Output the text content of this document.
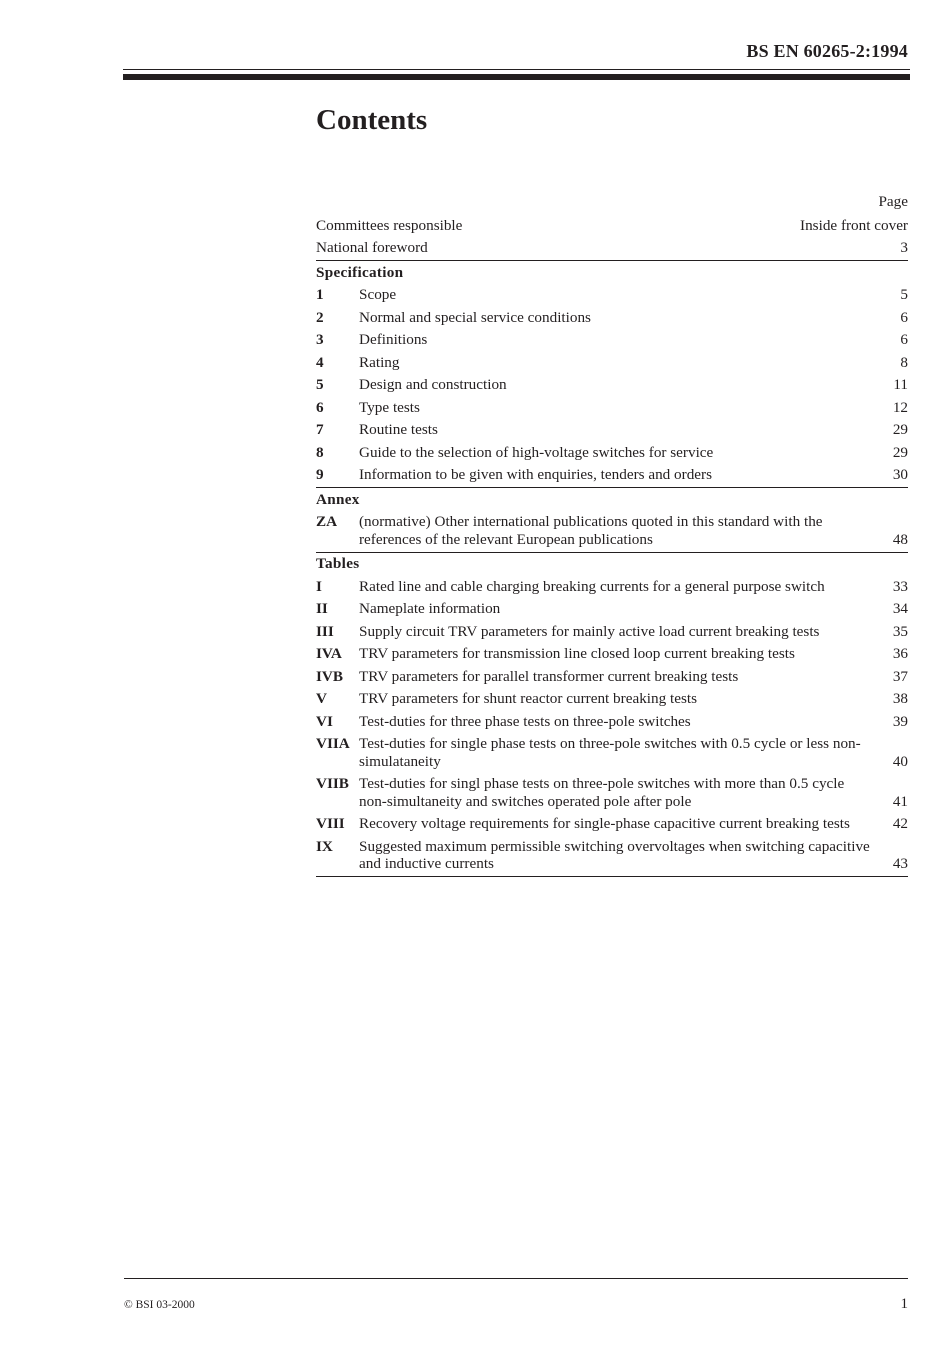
BS EN 60265-2:1994
Contents
Page
Committees responsible	Inside front cover
National foreword	3
Specification
1	Scope	5
2	Normal and special service conditions	6
3	Definitions	6
4	Rating	8
5	Design and construction	11
6	Type tests	12
7	Routine tests	29
8	Guide to the selection of high-voltage switches for service	29
9	Information to be given with enquiries, tenders and orders	30
Annex
ZA	(normative) Other international publications quoted in this standard with the references of the relevant European publications	48
Tables
I	Rated line and cable charging breaking currents for a general purpose switch	33
II	Nameplate information	34
III	Supply circuit TRV parameters for mainly active load current breaking tests	35
IVA	TRV parameters for transmission line closed loop current breaking tests	36
IVB	TRV parameters for parallel transformer current breaking tests	37
V	TRV parameters for shunt reactor current breaking tests	38
VI	Test-duties for three phase tests on three-pole switches	39
VIIA Test-duties for single phase tests on three-pole switches with 0.5 cycle or less non-simulataneity	40
VIIB Test-duties for singl phase tests on three-pole switches with more than 0.5 cycle non-simultaneity and switches operated pole after pole	41
VIII Recovery voltage requirements for single-phase capacitive current breaking tests	42
IX	Suggested maximum permissible switching overvoltages when switching capacitive and inductive currents	43
© BSI 03-2000	1
